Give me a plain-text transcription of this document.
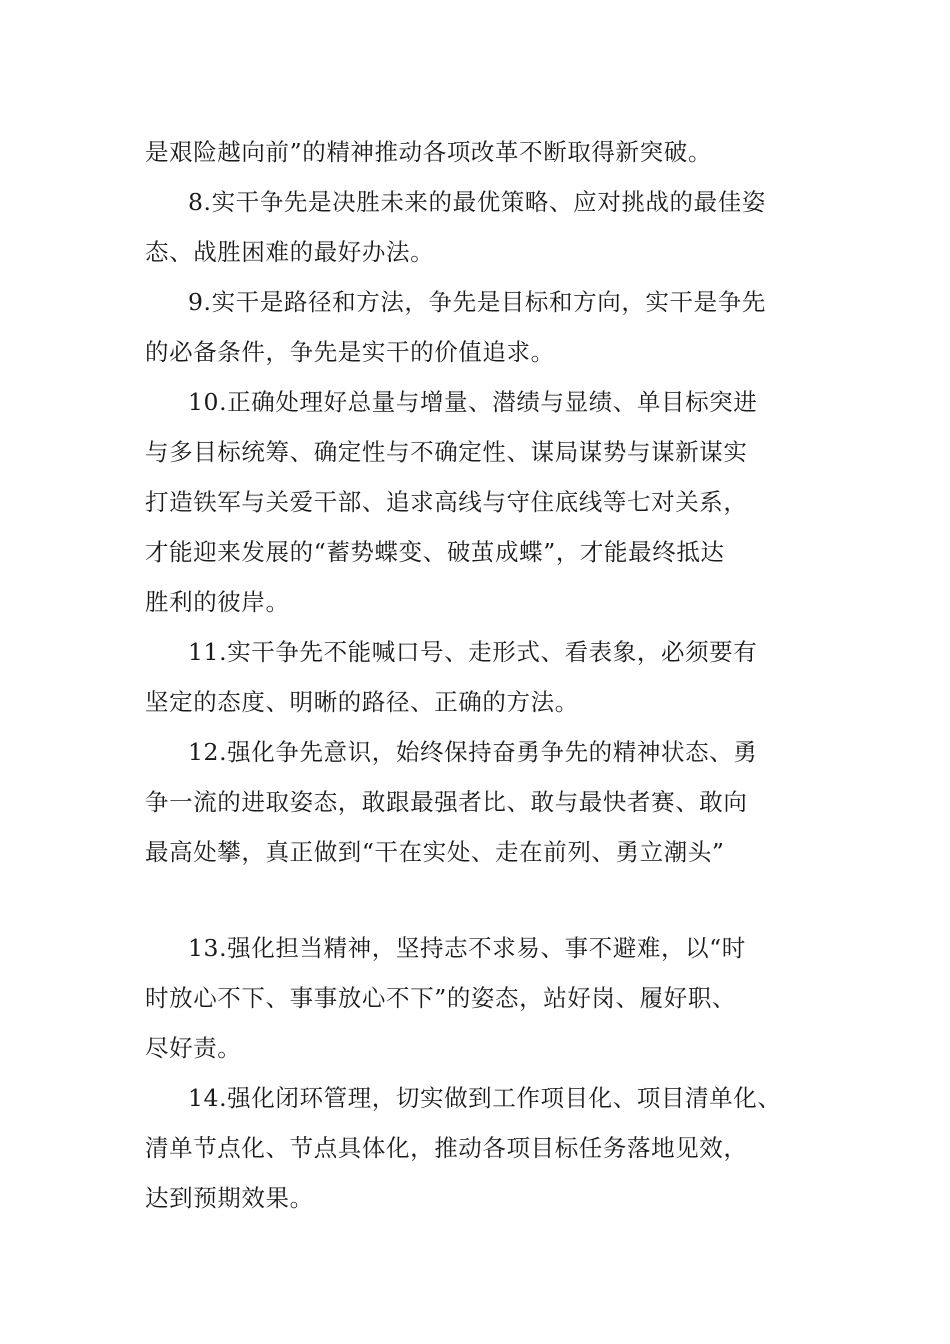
是艰险越向前”的精神推动各项改革不断取得新突破。

8.实干争先是决胜未来的最优策略、应对挑战的最佳姿

态、战胜困难的最好办法。

9.实干是路径和方法，争先是目标和方向，实干是争先

的必备条件，争先是实干的价值追求。

10.正确处理好总量与增量、潜绩与显绩、单目标突进

与多目标统筹、确定性与不确定性、谋局谋势与谋新谋实

打造铁军与关爱干部、追求高线与守住底线等七对关系，

才能迎来发展的“蓄势蝶变、破茧成蝶”，才能最终抵达

胜利的彼岸。

11.实干争先不能喊口号、走形式、看表象，必须要有

坚定的态度、明晰的路径、正确的方法。

12.强化争先意识，始终保持奋勇争先的精神状态、勇

争一流的进取姿态，敢跟最强者比、敢与最快者赛、敢向

最高处攀，真正做到“干在实处、走在前列、勇立潮头”

13.强化担当精神，坚持志不求易、事不避难，以“时

时放心不下、事事放心不下”的姿态，站好岗、履好职、

尽好责。

14.强化闭环管理，切实做到工作项目化、项目清单化、

清单节点化、节点具体化，推动各项目标任务落地见效，

达到预期效果。
